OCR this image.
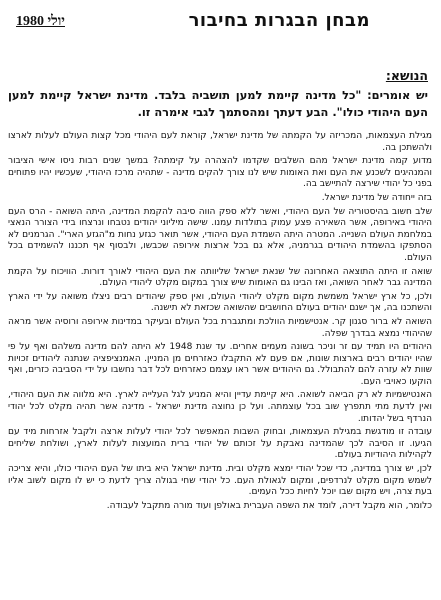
מבחן הבגרות בחיבור
יולי 1980
הנושא:
יש אומרים: "כל מדינה קיימת למען תושביה בלבד. מדינת ישראל קיימת למען העם היהודי כולו". הבע דעתך ומהסתמך לגבי אימרה זו.

מגילת העצמאות, המכריזה על הקמתה של מדינת ישראל, קוראת לעם היהודי מכל קצות העולם לעלות לארצו ולהשתכן בה.

מדוע קמה מדינת ישראל מהם השלבים שקדמו להצהרה על קימתה? במשך שנים רבות ניסו אישי הציבור והמנהיגים לשכנע את העם ואת האומות שיש לנו צורך להקים מדינה - שתהיה מרכז היהודי, שעכשיו יהיו פתוחים בפני כל יהודי שירצה להתיישב בה.

בזה ייחודה של מדינת ישראל.

שלב חשוב בהיסטוריה של העם היהודי, ואשר ללא ספק הווה סיבה להקמת המדינה, היתה השואה - הרס העם היהודי באירופה, אשר השאירה פצע עמוק בתולדות עמנו. שישה מיליוני יהודים נטבחו ונרצחו בידי הצורר הנאצי במלחמת העולם השנייה. המטרה היתה השמדת העם היהודי, אשר תואר כגזע נחות מ"הגזע הארי". הגרמנים לא הסתפקו בהשמדת היהודים בגרמניה, אלא גם בכל ארצות אירופה שכבשו, ולבסוף אף תכננו להשמידם בכל העולם.

שואה זו היתה התוצאה האחרונה של שנאת ישראל שליוותה את העם היהודי לאורך דורות. הוויכוח על הקמת המדינה גבר לאחר השואה, ואז הבינו גם האומות שיש צורך במקום מקלט ליהודי העולם.

ולכן, כל ארץ ישראל משמשת מקום מקלט ליהודי העולם, ואין ספק שיהודים רבים ניצלו משואה על ידי הארץ והשתכנו בה, אך ישנם יהודים בעולם החושבים שהשואה שכזאת לא תישנה.

השואה לא ברור סגנון קר. אנטישמיות הוולכת ומתגברת בכל העולם ובעיקר במדינות אירופה ורוסיה אשר מראה שהיהודי נמצא בבדרך שפלה.

היהודים היו תמיד עם זר וניכר בשונה מעמים אחרים. עד שנת 1948 לא היתה להם מדינה משלהם ואף על פי שהיו יהודים רבים בארצות שונות, אם פעם לא התקבלו כאזרחים מן המניין. האמנציפציה שנתנה ליהודים זכויות שוות לא עזרה להם להתבולל. גם היהודים אשר ראו עצמם כאזרחים לכל דבר נחשבו על ידי הסביבה כזרים, ואף הוקעו כאויבי העם.

האנטישמיות לא רק הביאה לשואה. היא קיימת עדיין והיא המניע לגל העלייה לארץ. היא מלווה את העם היהודי, ואין לדעת מתי תתפרץ שוב בכל עוצמתה. ועל כן נחוצה מדינת ישראל - מדינה אשר תהיה מקלט לכל יהודי הנרדף בשל יהדותו.

עובדה זו מודגשת במגילת העצמאות, ובחוק השבות המאפשר לכל יהודי לעלות ארצה ולקבל אזרחות מיד עם הגיעו. זו הסיבה לכך שהמדינה נאבקת על זכותם של יהודי ברית המועצות לעלות לארץ, ושולחת שליחים לקהילות היהודיות בעולם.

לכן, יש צורך במדינה, כדי שכל יהודי ימצא מקלט ובית. מדינת ישראל היא ביתו של העם היהודי כולו, והיא צריכה לשמש מקום מקלט לנרדפים, ומקום לגאולת העם. כל יהודי שחי בגולה צריך לדעת כי יש לו מקום לשוב אליו בעת צרה, ויש מקום שבו יוכל לחיות ככל העמים.

כלומר, הוא מקבל דירה, לומד את השפה העברית באולפן ועוד מורה מתקבל לעבודה.
